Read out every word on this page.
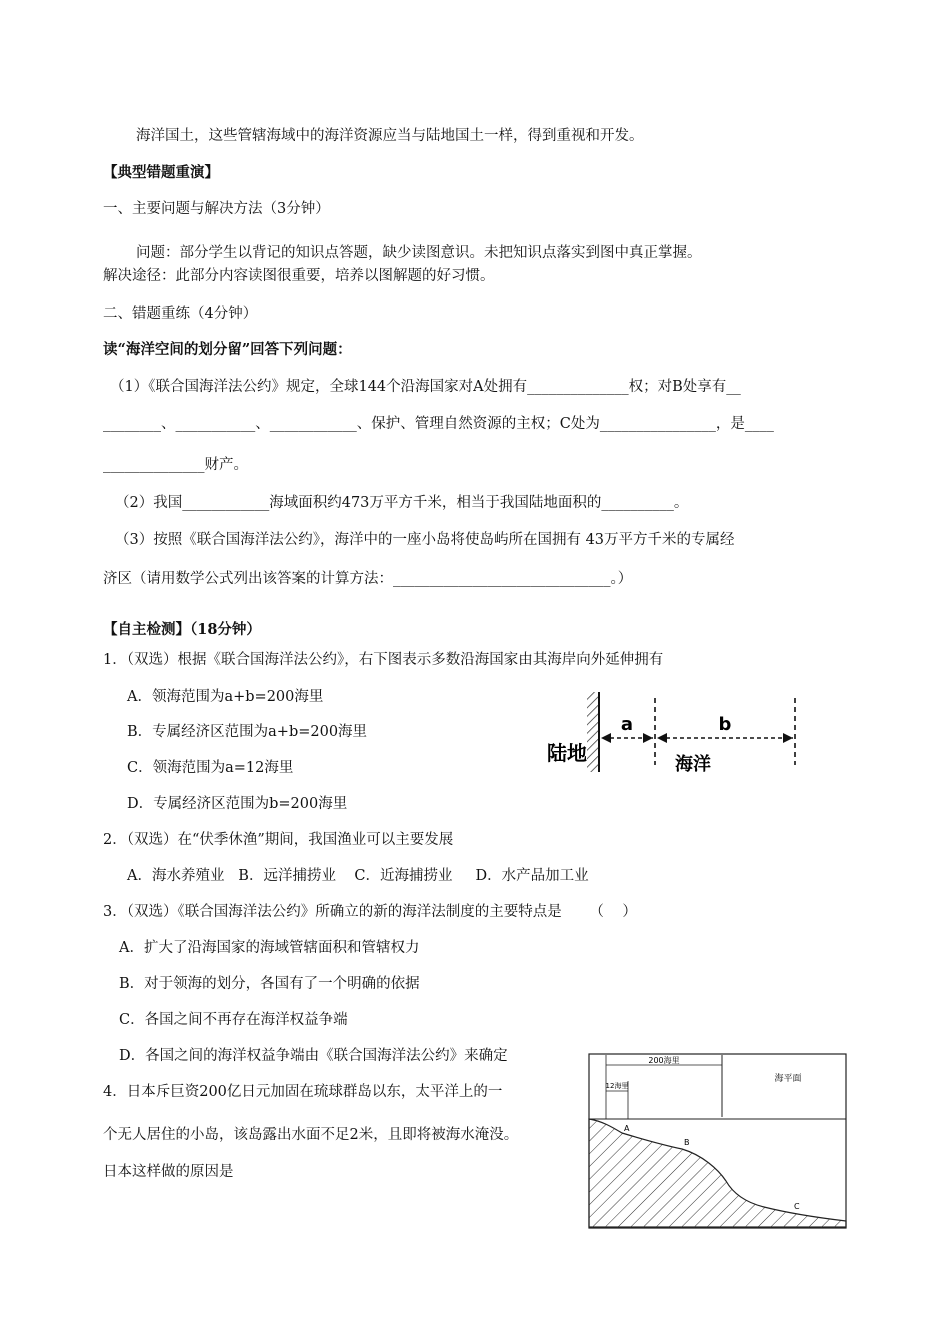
海洋国土，这些管辖海域中的海洋资源应当与陆地国土一样，得到重视和开发。
【典型错题重演】
一、主要问题与解决方法（3分钟）
问题：部分学生以背记的知识点答题，缺少读图意识。未把知识点落实到图中真正掌握。
解决途径：此部分内容读图很重要，培养以图解题的好习惯。
二、错题重练（4分钟）
读“海洋空间的划分留”回答下列问题：
（1）《联合国海洋法公约》规定，全球144个沿海国家对A处拥有______________权；对B处享有__
________、___________、____________、保护、管理自然资源的主权；C处为________________，是____
______________财产。
（2）我国____________海域面积约473万平方千米，相当于我国陆地面积的__________。
（3）按照《联合国海洋法公约》，海洋中的一座小岛将使岛屿所在国拥有 43万平方千米的专属经
济区（请用数学公式列出该答案的计算方法：______________________________。）
【自主检测】（18分钟）
1．（双选）根据《联合国海洋法公约》，右下图表示多数沿海国家由其海岸向外延伸拥有
A．领海范围为a+b=200海里
B．专属经济区范围为a+b=200海里
C．领海范围为a=12海里
D．专属经济区范围为b=200海里
2．（双选）在“伏季休渔”期间，我国渔业可以主要发展
A．海水养殖业   B．远洋捕捞业    C．近海捕捞业     D．水产品加工业
3．（双选）《联合国海洋法公约》所确立的新的海洋法制度的主要特点是      （    ）
A．扩大了沿海国家的海域管辖面积和管辖权力
B．对于领海的划分，各国有了一个明确的依据
C．各国之间不再存在海洋权益争端
D．各国之间的海洋权益争端由《联合国海洋法公约》来确定
4．日本斥巨资200亿日元加固在琉球群岛以东，太平洋上的一
个无人居住的小岛，该岛露出水面不足2米，且即将被海水淹没。
日本这样做的原因是
a	b
陆地	海洋
200海里
12海里
海平面
A
B
C
